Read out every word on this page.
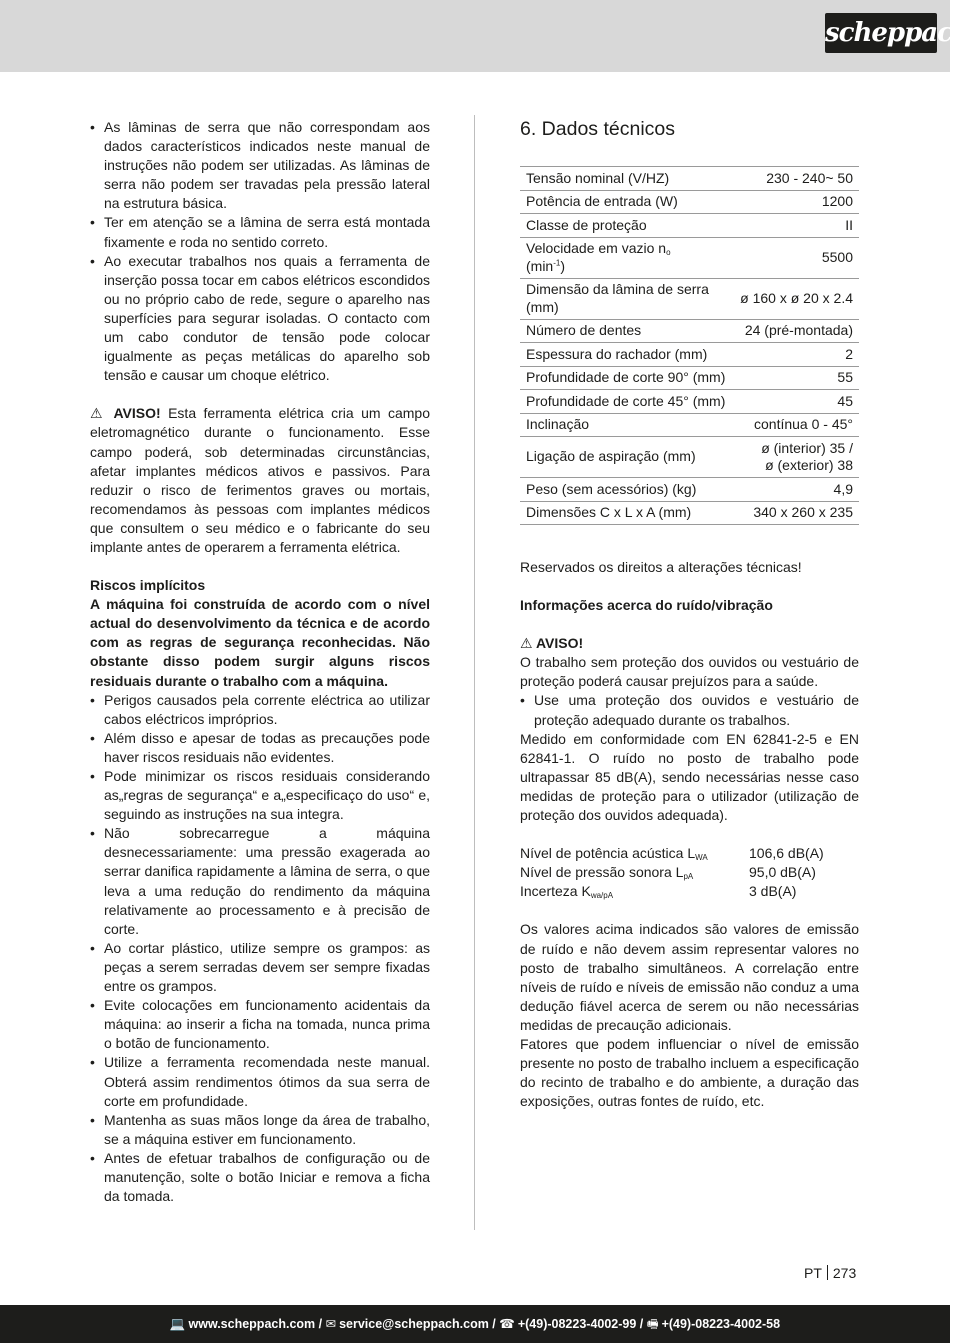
scheppach
• As lâminas de serra que não correspondam aos dados característicos indicados neste manual de instruções não podem ser utilizadas. As lâminas de serra não podem ser travadas pela pressão lateral na estrutura básica.
• Ter em atenção se a lâmina de serra está montada fixamente e roda no sentido correto.
• Ao executar trabalhos nos quais a ferramenta de inserção possa tocar em cabos elétricos escondidos ou no próprio cabo de rede, segure o aparelho nas superfícies para segurar isoladas. O contacto com um cabo condutor de tensão pode colocar igualmente as peças metálicas do aparelho sob tensão e causar um choque elétrico.

⚠ AVISO! Esta ferramenta elétrica cria um campo eletromagnético durante o funcionamento. Esse campo poderá, sob determinadas circunstâncias, afetar implantes médicos ativos e passivos. Para reduzir o risco de ferimentos graves ou mortais, recomendamos às pessoas com implantes médicos que consultem o seu médico e o fabricante do seu implante antes de operarem a ferramenta elétrica.

Riscos implícitos

A máquina foi construída de acordo com o nível actual do desenvolvimento da técnica e de acordo com as regras de segurança reconhecidas. Não obstante disso podem surgir alguns riscos residuais durante o trabalho com a máquina.

• Perigos causados pela corrente eléctrica ao utilizar cabos eléctricos impróprios.
• Além disso e apesar de todas as precauções pode haver riscos residuais não evidentes.
• Pode minimizar os riscos residuais considerando as„regras de segurança“ e a„especificaço do uso“ e, seguindo as instruções na sua integra.
• Não sobrecarregue a máquina desnecessariamente: uma pressão exagerada ao serrar danifica rapidamente a lâmina de serra, o que leva a uma redução do rendimento da máquina relativamente ao processamento e à precisão de corte.
• Ao cortar plástico, utilize sempre os grampos: as peças a serem serradas devem ser sempre fixadas entre os grampos.
• Evite colocações em funcionamento acidentais da máquina: ao inserir a ficha na tomada, nunca prima o botão de funcionamento.
• Utilize a ferramenta recomendada neste manual. Obterá assim rendimentos ótimos da sua serra de corte em profundidade.
• Mantenha as suas mãos longe da área de trabalho, se a máquina estiver em funcionamento.
• Antes de efetuar trabalhos de configuração ou de manutenção, solte o botão Iniciar e remova a ficha da tomada.
6. Dados técnicos
Tensão nominal (V/HZ)	230 - 240~ 50
Potência de entrada (W)	1200
Classe de proteção	II
Velocidade em vazio $n_o$
$(\min^{-1})$	5500
Dimensão da lâmina de serra (mm)	ø 160 x ø 20 x 2.4
Número de dentes	24 (pré-montada)
Espessura do rachador (mm)	2
Profundidade de corte 90° (mm)	55
Profundidade de corte 45° (mm)	45
Inclinação	contínua 0 - 45°
Ligação de aspiração (mm)	ø (interior) 35 /
ø (exterior) 38
Peso (sem acessórios) (kg)	4,9
Dimensões C x L x A (mm)	340 x 260 x 235

Reservados os direitos a alterações técnicas!

Informações acerca do ruído/vibração

⚠ AVISO!

O trabalho sem proteção dos ouvidos ou vestuário de proteção poderá causar prejuízos para a saúde.

• Use uma proteção dos ouvidos e vestuário de proteção adequado durante os trabalhos.

Medido em conformidade com EN 62841-2-5 e EN 62841-1. O ruído no posto de trabalho pode ultrapassar 85 dB(A), sendo necessárias nesse caso medidas de proteção para o utilizador (utilização de proteção dos ouvidos adequada).

Nível de potência acústica $L_{WA}$	106,6 dB(A)
Nível de pressão sonora $L_{pA}$	95,0 dB(A)
Incerteza $K_{wa/pA}$	3 dB(A)

Os valores acima indicados são valores de emissão de ruído e não devem assim representar valores no posto de trabalho simultâneos. A correlação entre níveis de ruído e níveis de emissão não conduz a uma dedução fiável acerca de serem ou não necessárias medidas de precaução adicionais.

Fatores que podem influenciar o nível de emissão presente no posto de trabalho incluem a especificação do recinto de trabalho e do ambiente, a duração das exposições, outras fontes de ruído, etc.

PT 273
💻 www.scheppach.com / ✉ service@scheppach.com / ☎ +(49)-08223-4002-99 / 🖷 +(49)-08223-4002-58
